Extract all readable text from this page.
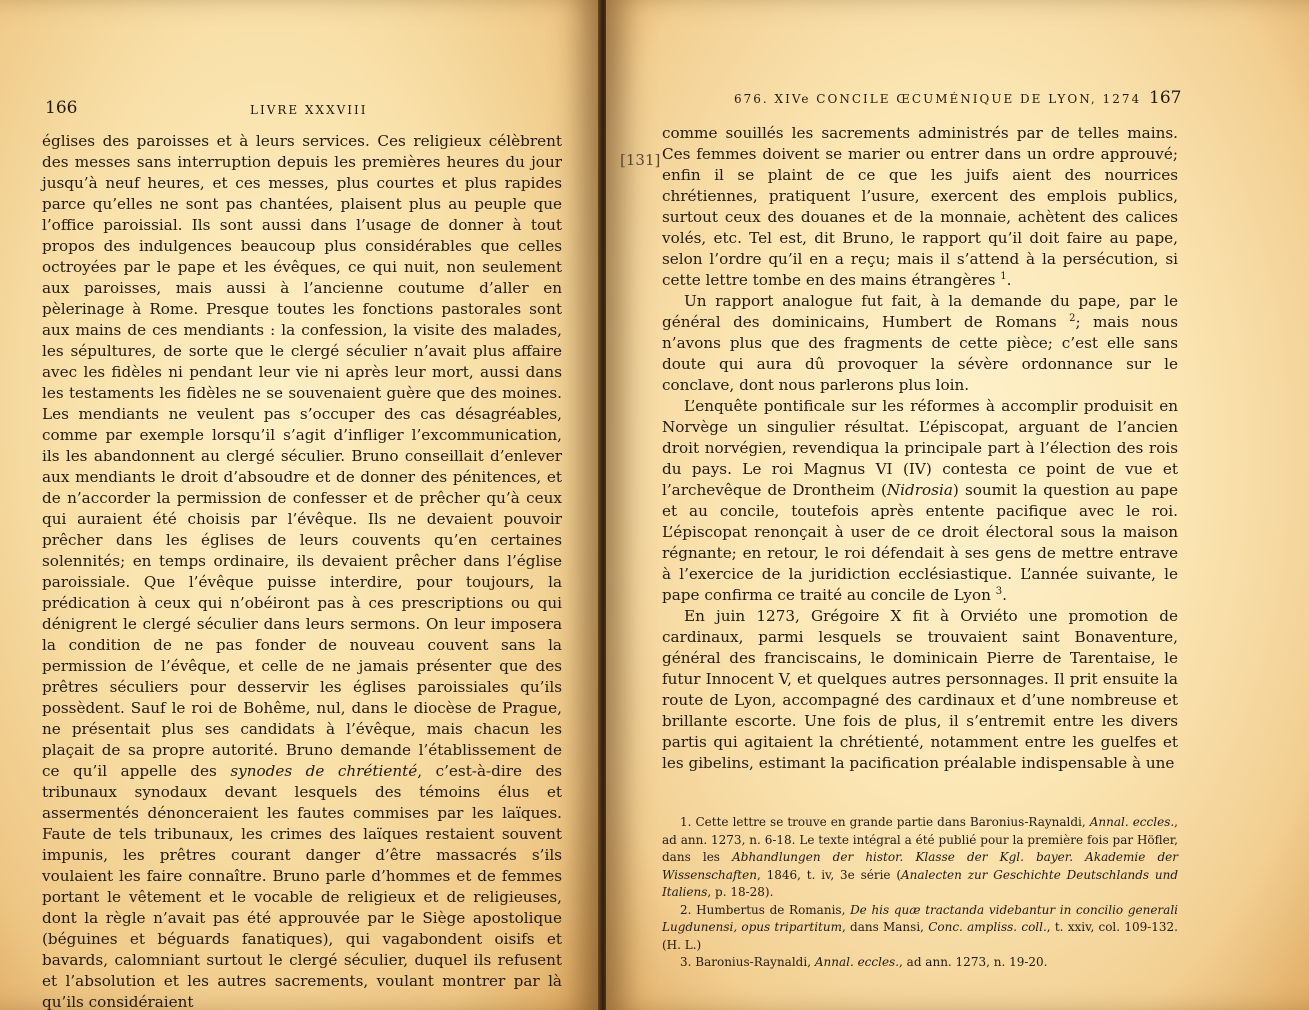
166	LIVRE XXXVIII

églises des paroisses et à leurs services. Ces religieux célèbrent des messes sans interruption depuis les premières heures du jour jusqu’à neuf heures, et ces messes, plus courtes et plus rapides parce qu’elles ne sont pas chantées, plaisent plus au peuple que l’office paroissial. Ils sont aussi dans l’usage de donner à tout propos des indulgences beaucoup plus considérables que celles octroyées par le pape et les évêques, ce qui nuit, non seulement aux paroisses, mais aussi à l’ancienne coutume d’aller en pèlerinage à Rome. Presque toutes les fonctions pastorales sont aux mains de ces mendiants : la confession, la visite des malades, les sépultures, de sorte que le clergé séculier n’avait plus affaire avec les fidèles ni pendant leur vie ni après leur mort, aussi dans les testaments les fidèles ne se souvenaient guère que des moines. Les mendiants ne veulent pas s’occuper des cas désagréables, comme par exemple lorsqu’il s’agit d’infliger l’excommunication, ils les abandonnent au clergé séculier. Bruno conseillait d’enlever aux mendiants le droit d’absoudre et de donner des pénitences, et de n’accorder la permission de confesser et de prêcher qu’à ceux qui auraient été choisis par l’évêque. Ils ne devaient pouvoir prêcher dans les églises de leurs couvents qu’en certaines solennités; en temps ordinaire, ils devaient prêcher dans l’église paroissiale. Que l’évêque puisse interdire, pour toujours, la prédication à ceux qui n’obéiront pas à ces prescriptions ou qui dénigrent le clergé séculier dans leurs sermons. On leur imposera la condition de ne pas fonder de nouveau couvent sans la permission de l’évêque, et celle de ne jamais présenter que des prêtres séculiers pour desservir les églises paroissiales qu’ils possèdent. Sauf le roi de Bohême, nul, dans le diocèse de Prague, ne présentait plus ses candidats à l’évêque, mais chacun les plaçait de sa propre autorité. Bruno demande l’établissement de ce qu’il appelle des synodes de chrétienté, c’est-à-dire des tribunaux synodaux devant lesquels des témoins élus et assermentés dénonceraient les fautes commises par les laïques. Faute de tels tribunaux, les crimes des laïques restaient souvent impunis, les prêtres courant danger d’être massacrés s’ils voulaient les faire connaître. Bruno parle d’hommes et de femmes portant le vêtement et le vocable de religieux et de religieuses, dont la règle n’avait pas été approuvée par le Siège apostolique (béguines et béguards fanatiques), qui vagabondent oisifs et bavards, calomniant surtout le clergé séculier, duquel ils refusent et l’absolution et les autres sacrements, voulant montrer par là qu’ils considéraient

676. XIVe CONCILE ŒCUMÉNIQUE DE LYON, 1274 167
[131]

comme souillés les sacrements administrés par de telles mains. Ces femmes doivent se marier ou entrer dans un ordre approuvé; enfin il se plaint de ce que les juifs aient des nourrices chrétiennes, pratiquent l’usure, exercent des emplois publics, surtout ceux des douanes et de la monnaie, achètent des calices volés, etc. Tel est, dit Bruno, le rapport qu’il doit faire au pape, selon l’ordre qu’il en a reçu; mais il s’attend à la persécution, si cette lettre tombe en des mains étrangères $^1$.

Un rapport analogue fut fait, à la demande du pape, par le général des dominicains, Humbert de Romans $^2$; mais nous n’avons plus que des fragments de cette pièce; c’est elle sans doute qui aura dû provoquer la sévère ordonnance sur le conclave, dont nous parlerons plus loin.

L’enquête pontificale sur les réformes à accomplir produisit en Norvège un singulier résultat. L’épiscopat, arguant de l’ancien droit norvégien, revendiqua la principale part à l’élection des rois du pays. Le roi Magnus VI (IV) contesta ce point de vue et l’archevêque de Drontheim (Nidrosia) soumit la question au pape et au concile, toutefois après entente pacifique avec le roi. L’épiscopat renonçait à user de ce droit électoral sous la maison régnante; en retour, le roi défendait à ses gens de mettre entrave à l’exercice de la juridiction ecclésiastique. L’année suivante, le pape confirma ce traité au concile de Lyon $^3$.

En juin 1273, Grégoire X fit à Orviéto une promotion de cardinaux, parmi lesquels se trouvaient saint Bonaventure, général des franciscains, le dominicain Pierre de Tarentaise, le futur Innocent V, et quelques autres personnages. Il prit ensuite la route de Lyon, accompagné des cardinaux et d’une nombreuse et brillante escorte. Une fois de plus, il s’entremit entre les divers partis qui agitaient la chrétienté, notamment entre les guelfes et les gibelins, estimant la pacification préalable indispensable à une

1. Cette lettre se trouve en grande partie dans Baronius-Raynaldi, Annal. eccles., ad ann. 1273, n. 6-18. Le texte intégral a été publié pour la première fois par Höfler, dans les Abhandlungen der histor. Klasse der Kgl. bayer. Akademie der Wissenschaften, 1846, t. iv, 3e série (Analecten zur Geschichte Deutschlands und Italiens, p. 18-28).

2. Humbertus de Romanis, De his quæ tractanda videbantur in concilio generali Lugdunensi, opus tripartitum, dans Mansi, Conc. ampliss. coll., t. xxiv, col. 109-132. (H. L.)

3. Baronius-Raynaldi, Annal. eccles., ad ann. 1273, n. 19-20.
